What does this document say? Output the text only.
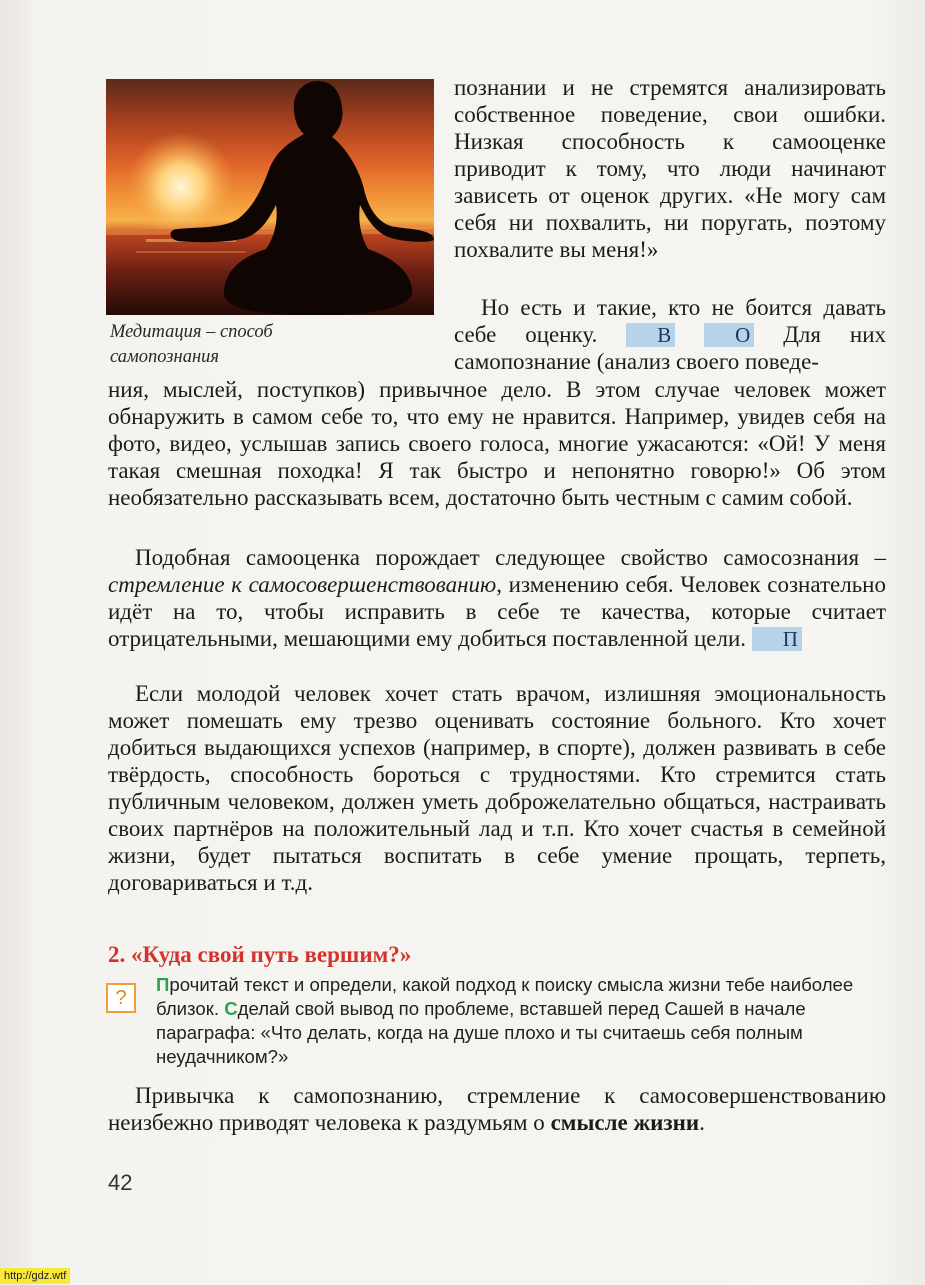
Медитация – способ
самопознания

познании и не стремятся анализировать собственное поведение, свои ошибки. Низкая способность к самооценке приводит к тому, что люди начинают зависеть от оценок других. «Не могу сам себя ни похвалить, ни поругать, поэтому похвалите вы меня!»

Но есть и такие, кто не боится давать себе оценку.	В	О Для них самопознание (анализ своего поведе-

ния, мыслей, поступков) привычное дело. В этом случае человек может обнаружить в самом себе то, что ему не нравится. Например, увидев себя на фото, видео, услышав запись своего голоса, многие ужасаются: «Ой! У меня такая смешная походка! Я так быстро и непонятно говорю!» Об этом необязательно рассказывать всем, достаточно быть честным с самим собой.

Подобная самооценка порождает следующее свойство самосознания – стремление к самосовершенствованию, изменению себя. Человек сознательно идёт на то, чтобы исправить в себе те качества, которые считает отрицательными, мешающими ему добиться поставленной цели. П

Если молодой человек хочет стать врачом, излишняя эмоциональность может помешать ему трезво оценивать состояние больного. Кто хочет добиться выдающихся успехов (например, в спорте), должен развивать в себе твёрдость, способность бороться с трудностями. Кто стремится стать публичным человеком, должен уметь доброжелательно общаться, настраивать своих партнёров на положительный лад и т.п. Кто хочет счастья в семейной жизни, будет пытаться воспитать в себе умение прощать, терпеть, договариваться и т.д.

2. «Куда свой путь вершим?»
?

Прочитай текст и определи, какой подход к поиску смысла жизни тебе наиболее близок. Сделай свой вывод по проблеме, вставшей перед Сашей в начале параграфа: «Что делать, когда на душе плохо и ты считаешь себя полным неудачником?»

Привычка к самопознанию, стремление к самосовершенствованию неизбежно приводят человека к раздумьям о смысле жизни.

42
http://gdz.wtf
